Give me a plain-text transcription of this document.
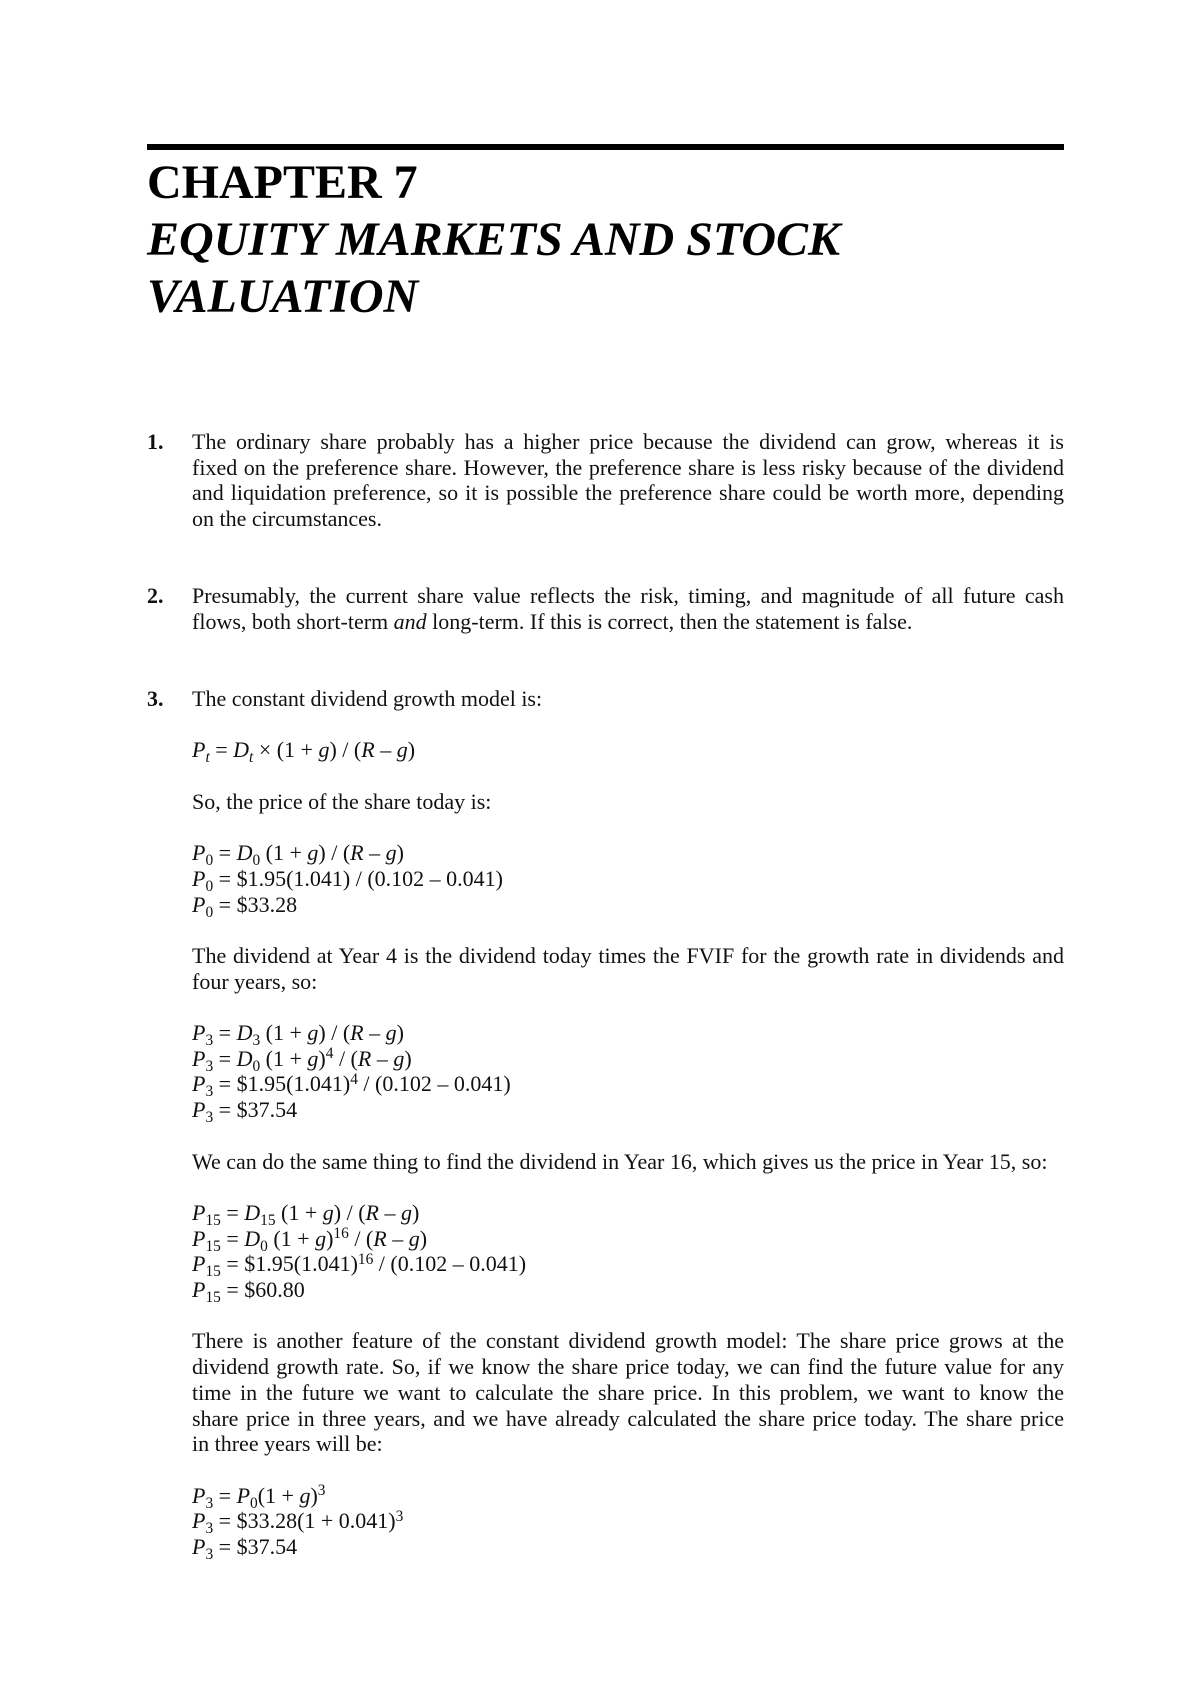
CHAPTER 7
EQUITY MARKETS AND STOCK
VALUATION
1.	The ordinary share probably has a higher price because the dividend can grow, whereas it is
fixed on the preference share. However, the preference share is less risky because of the dividend
and liquidation preference, so it is possible the preference share could be worth more, depending
on the circumstances.
2.	Presumably, the current share value reflects the risk, timing, and magnitude of all future cash
flows, both short-term and long-term. If this is correct, then the statement is false.
3.	The constant dividend growth model is:
$P_t = D_t \times (1 + g) / (R - g)$
So, the price of the share today is:
$P_0 = D_0$ (1 + g) / (R – g)
$P_0$ = $1.95(1.041) / (0.102 – 0.041)
$P_0$ = $33.28
The dividend at Year 4 is the dividend today times the FVIF for the growth rate in dividends and
four years, so:
$P_3 = D_3$ (1 + g) / (R – g)
$P_3 = D_0$ $(1 + g)^4 / (R - g)$
$P_3$ = $\$1.95(1.041)^4 / (0.102 - 0.041)$
$P_3$ = $37.54
We can do the same thing to find the dividend in Year 16, which gives us the price in Year 15, so:
$P_{15} = D_{15}$ (1 + g) / (R – g)
$P_{15} = D_0$ $(1 + g)^{16} / (R - g)$
$P_{15}$ = $\$1.95(1.041)^{16} / (0.102 - 0.041)$
$P_{15}$ = $60.80
There is another feature of the constant dividend growth model: The share price grows at the
dividend growth rate. So, if we know the share price today, we can find the future value for any
time in the future we want to calculate the share price. In this problem, we want to know the
share price in three years, and we have already calculated the share price today. The share price
in three years will be:
$P_3 = P_0(1 + g)^3$
$P_3$ = $33.28(1 + 0.041)$^3$
$P_3$ = $37.54
